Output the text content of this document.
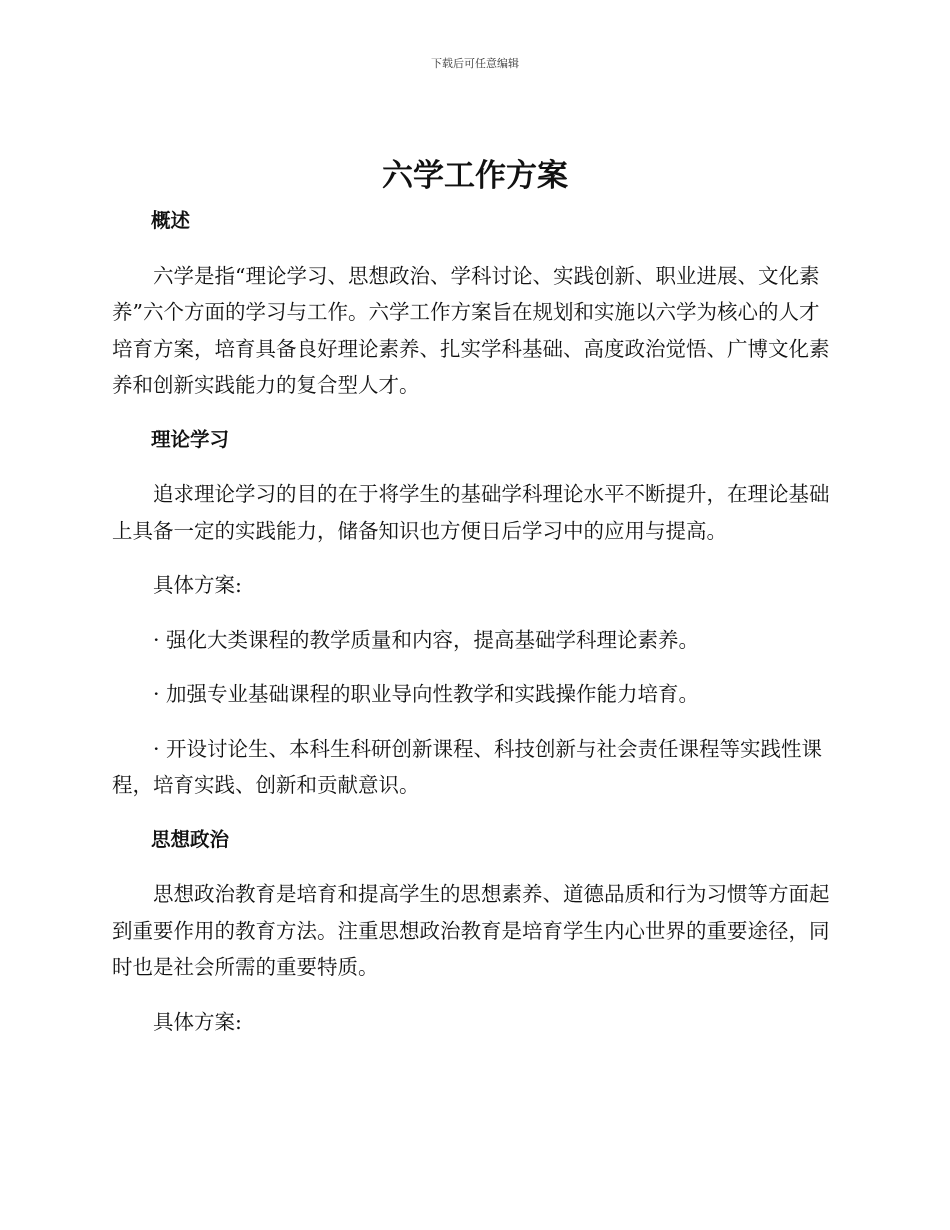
下载后可任意编辑
六学工作方案
概述

六学是指“理论学习、思想政治、学科讨论、实践创新、职业进展、文化素养”六个方面的学习与工作。六学工作方案旨在规划和实施以六学为核心的人才培育方案，培育具备良好理论素养、扎实学科基础、高度政治觉悟、广博文化素养和创新实践能力的复合型人才。

理论学习

追求理论学习的目的在于将学生的基础学科理论水平不断提升，在理论基础上具备一定的实践能力，储备知识也方便日后学习中的应用与提高。

具体方案:

· 强化大类课程的教学质量和内容，提高基础学科理论素养。

· 加强专业基础课程的职业导向性教学和实践操作能力培育。

· 开设讨论生、本科生科研创新课程、科技创新与社会责任课程等实践性课程，培育实践、创新和贡献意识。

思想政治

思想政治教育是培育和提高学生的思想素养、道德品质和行为习惯等方面起到重要作用的教育方法。注重思想政治教育是培育学生内心世界的重要途径，同时也是社会所需的重要特质。

具体方案:
